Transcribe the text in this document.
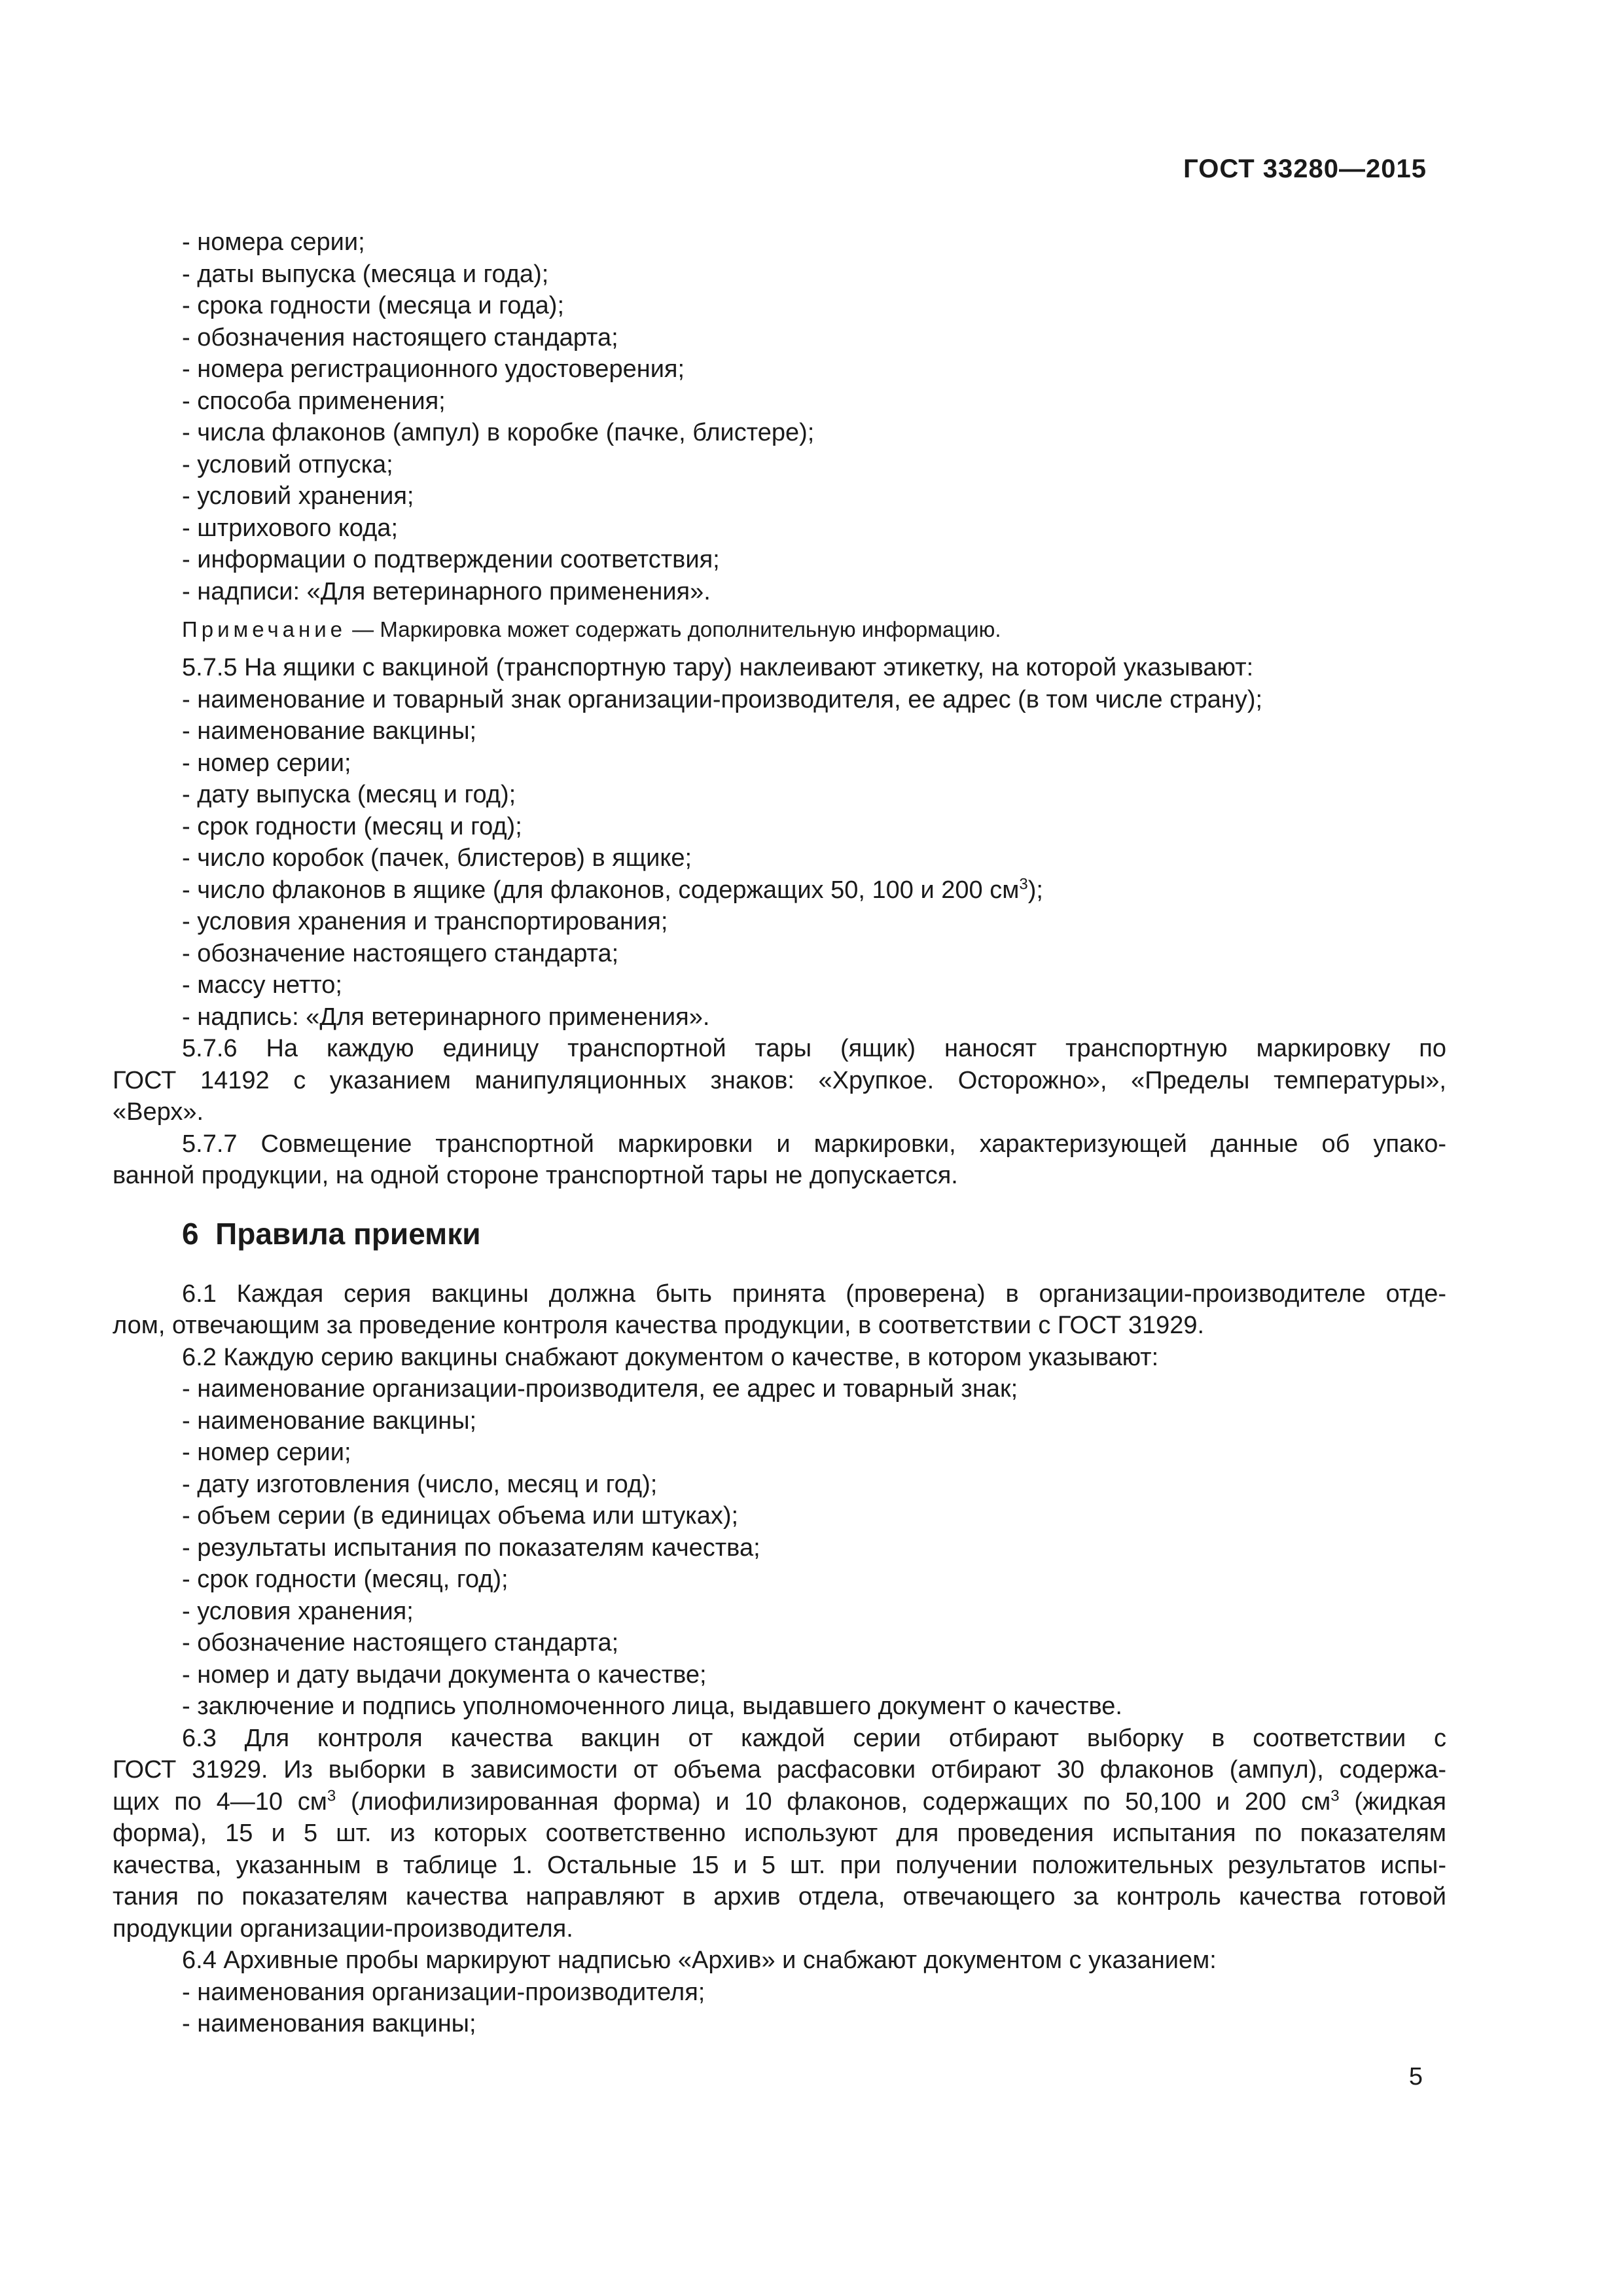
ГОСТ 33280—2015
- номера серии;
- даты выпуска (месяца и года);
- срока годности (месяца и года);
- обозначения настоящего стандарта;
- номера регистрационного удостоверения;
- способа применения;
- числа флаконов (ампул) в коробке (пачке, блистере);
- условий отпуска;
- условий хранения;
- штрихового кода;
- информации о подтверждении соответствия;
- надписи: «Для ветеринарного применения».
Примечание — Маркировка может содержать дополнительную информацию.
5.7.5 На ящики с вакциной (транспортную тару) наклеивают этикетку, на которой указывают:
- наименование и товарный знак организации-производителя, ее адрес (в том числе страну);
- наименование вакцины;
- номер серии;
- дату выпуска (месяц и год);
- срок годности (месяц и год);
- число коробок (пачек, блистеров) в ящике;
- число флаконов в ящике (для флаконов, содержащих 50, 100 и 200 $см^3$);
- условия хранения и транспортирования;
- обозначение настоящего стандарта;
- массу нетто;
- надпись: «Для ветеринарного применения».
5.7.6 На каждую единицу транспортной тары (ящик) наносят транспортную маркировку по
ГОСТ 14192 с указанием манипуляционных знаков: «Хрупкое. Осторожно», «Пределы температуры»,
«Верх».
5.7.7 Совмещение транспортной маркировки и маркировки, характеризующей данные об упако-
ванной продукции, на одной стороне транспортной тары не допускается.
6 Правила приемки
6.1 Каждая серия вакцины должна быть принята (проверена) в организации-производителе отде-
лом, отвечающим за проведение контроля качества продукции, в соответствии с ГОСТ 31929.
6.2 Каждую серию вакцины снабжают документом о качестве, в котором указывают:
- наименование организации-производителя, ее адрес и товарный знак;
- наименование вакцины;
- номер серии;
- дату изготовления (число, месяц и год);
- объем серии (в единицах объема или штуках);
- результаты испытания по показателям качества;
- срок годности (месяц, год);
- условия хранения;
- обозначение настоящего стандарта;
- номер и дату выдачи документа о качестве;
- заключение и подпись уполномоченного лица, выдавшего документ о качестве.
6.3 Для контроля качества вакцин от каждой серии отбирают выборку в соответствии с
ГОСТ 31929. Из выборки в зависимости от объема расфасовки отбирают 30 флаконов (ампул), содержа-
щих по 4—10 $см^3$ (лиофилизированная форма) и 10 флаконов, содержащих по 50,100 и 200 $см^3$ (жидкая
форма), 15 и 5 шт. из которых соответственно используют для проведения испытания по показателям
качества, указанным в таблице 1. Остальные 15 и 5 шт. при получении положительных результатов испы-
тания по показателям качества направляют в архив отдела, отвечающего за контроль качества готовой
продукции организации-производителя.
6.4 Архивные пробы маркируют надписью «Архив» и снабжают документом с указанием:
- наименования организации-производителя;
- наименования вакцины;
5
